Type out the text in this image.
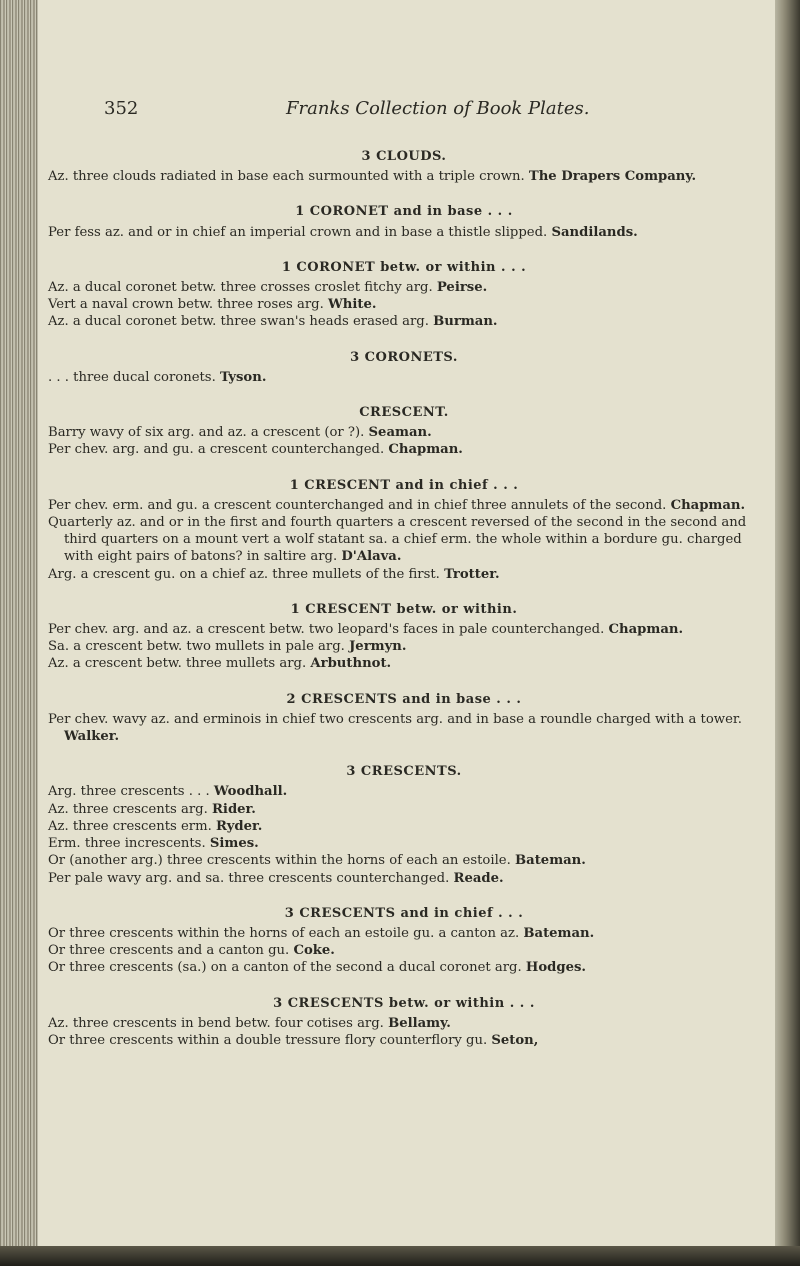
352	Franks Collection of Book Plates.
3 CLOUDS.

Az. three clouds radiated in base each surmounted with a triple crown. The Drapers Company.

1 CORONET and in base . . .

Per fess az. and or in chief an imperial crown and in base a thistle slipped. Sandilands.

1 CORONET betw. or within . . .

Az. a ducal coronet betw. three crosses croslet fitchy arg. Peirse.

Vert a naval crown betw. three roses arg. White.

Az. a ducal coronet betw. three swan's heads erased arg. Burman.

3 CORONETS.

. . . three ducal coronets. Tyson.

CRESCENT.

Barry wavy of six arg. and az. a crescent (or ?). Seaman.

Per chev. arg. and gu. a crescent counterchanged. Chapman.

1 CRESCENT and in chief . . .

Per chev. erm. and gu. a crescent counterchanged and in chief three annulets of the second. Chapman.

Quarterly az. and or in the first and fourth quarters a crescent reversed of the second in the second and third quarters on a mount vert a wolf statant sa. a chief erm. the whole within a bordure gu. charged with eight pairs of batons? in saltire arg. D'Alava.

Arg. a crescent gu. on a chief az. three mullets of the first. Trotter.

1 CRESCENT betw. or within.

Per chev. arg. and az. a crescent betw. two leopard's faces in pale counterchanged. Chapman.

Sa. a crescent betw. two mullets in pale arg. Jermyn.

Az. a crescent betw. three mullets arg. Arbuthnot.

2 CRESCENTS and in base . . .

Per chev. wavy az. and erminois in chief two crescents arg. and in base a roundle charged with a tower. Walker.

3 CRESCENTS.

Arg. three crescents . . . Woodhall.

Az. three crescents arg. Rider.

Az. three crescents erm. Ryder.

Erm. three increscents. Simes.

Or (another arg.) three crescents within the horns of each an estoile. Bateman.

Per pale wavy arg. and sa. three crescents counterchanged. Reade.

3 CRESCENTS and in chief . . .

Or three crescents within the horns of each an estoile gu. a canton az. Bateman.

Or three crescents and a canton gu. Coke.

Or three crescents (sa.) on a canton of the second a ducal coronet arg. Hodges.

3 CRESCENTS betw. or within . . .

Az. three crescents in bend betw. four cotises arg. Bellamy.

Or three crescents within a double tressure flory counterflory gu. Seton,
